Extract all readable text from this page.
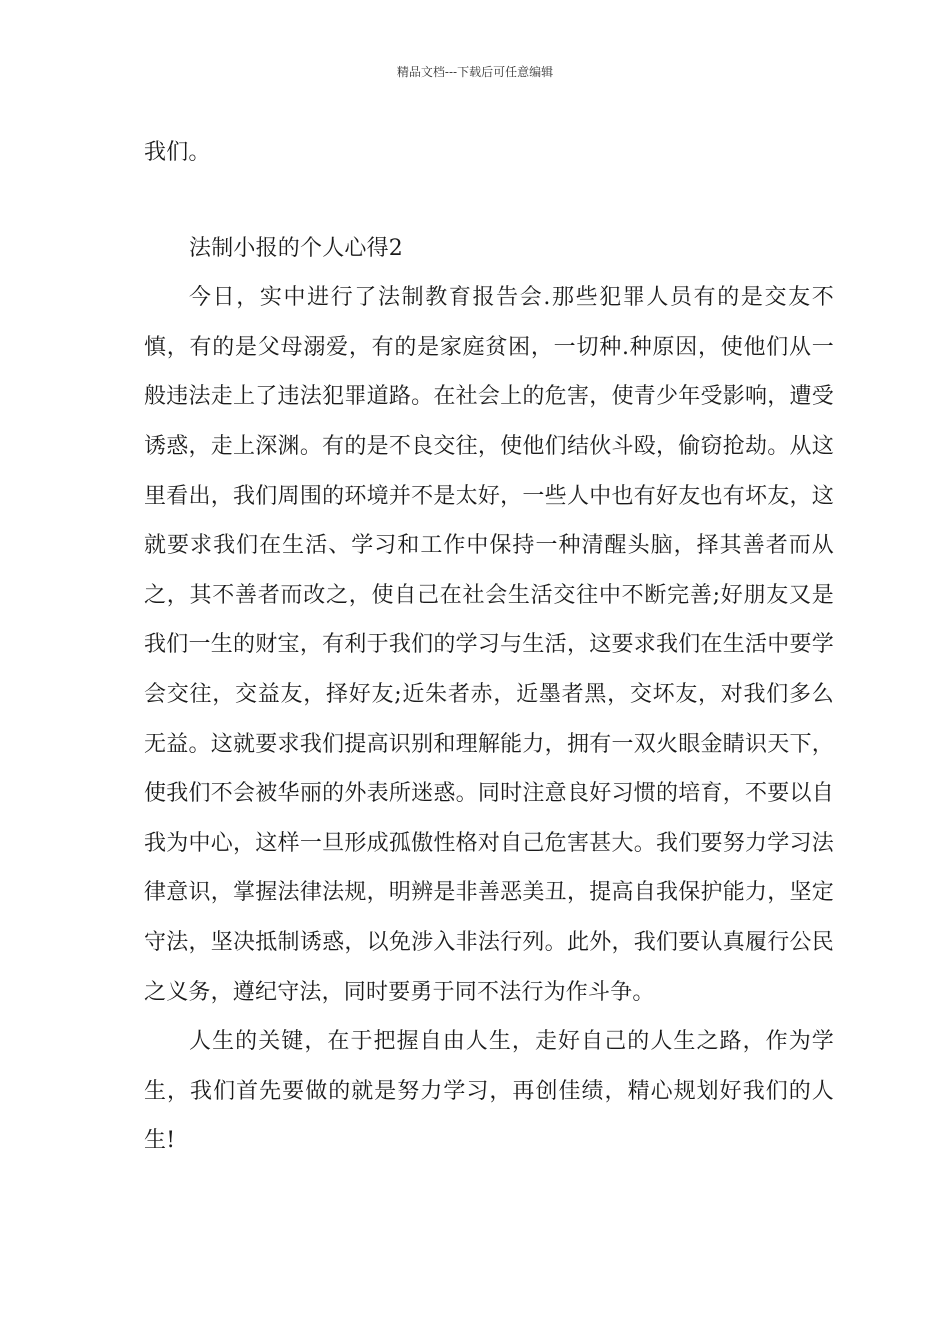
精品文档---下载后可任意编辑

我们。

法制小报的个人心得2

今日，实中进行了法制教育报告会.那些犯罪人员有的是交友不慎，有的是父母溺爱，有的是家庭贫困，一切种.种原因，使他们从一般违法走上了违法犯罪道路。在社会上的危害，使青少年受影响，遭受诱惑，走上深渊。有的是不良交往，使他们结伙斗殴，偷窃抢劫。从这里看出，我们周围的环境并不是太好，一些人中也有好友也有坏友，这就要求我们在生活、学习和工作中保持一种清醒头脑，择其善者而从之，其不善者而改之，使自己在社会生活交往中不断完善;好朋友又是我们一生的财宝，有利于我们的学习与生活，这要求我们在生活中要学会交往，交益友，择好友;近朱者赤，近墨者黑，交坏友，对我们多么无益。这就要求我们提高识别和理解能力，拥有一双火眼金睛识天下，使我们不会被华丽的外表所迷惑。同时注意良好习惯的培育，不要以自我为中心，这样一旦形成孤傲性格对自己危害甚大。我们要努力学习法律意识，掌握法律法规，明辨是非善恶美丑，提高自我保护能力，坚定守法，坚决抵制诱惑，以免涉入非法行列。此外，我们要认真履行公民之义务，遵纪守法，同时要勇于同不法行为作斗争。

人生的关键，在于把握自由人生，走好自己的人生之路，作为学生，我们首先要做的就是努力学习，再创佳绩，精心规划好我们的人生!
